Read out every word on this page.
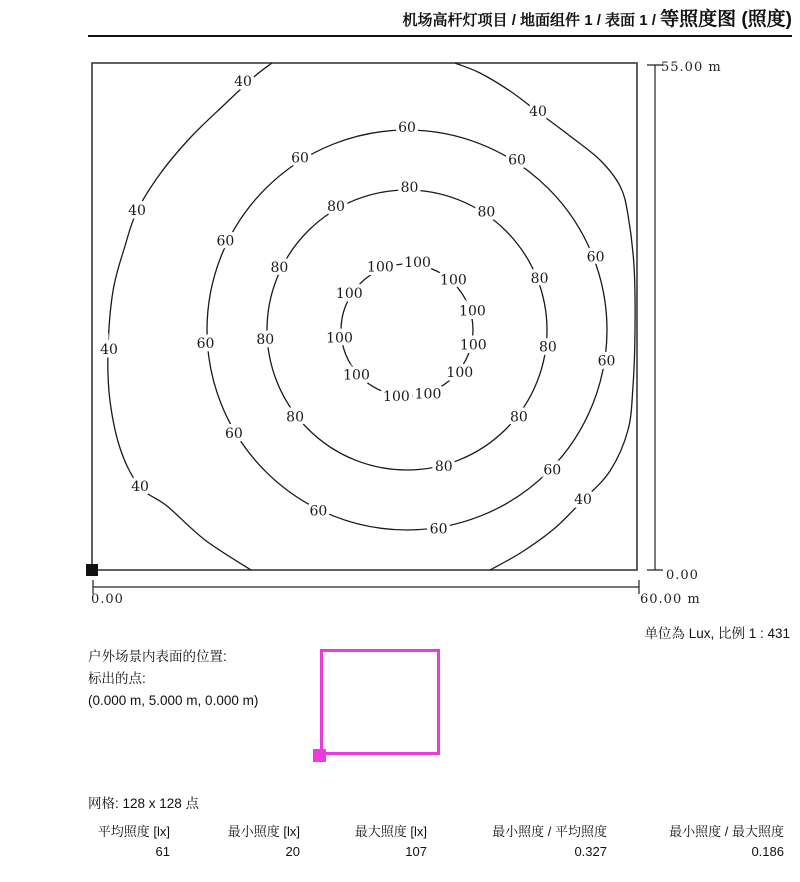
机场高杆灯项目 / 地面组件 1 / 表面 1 / 等照度图 (照度)
100 100
100
100
100
100
100
100
100
100
100
80
80
80
80
80
80
80
80
80
80
60
60
60
60
60
60
60
60
60
60
60
40
40
40
40
40
40
55.00 m
0.00
0.00	60.00 m
单位為 Lux, 比例 1 : 431
户外场景内表面的位置:
标出的点:
(0.000 m, 5.000 m, 0.000 m)
网格: 128 x 128 点
平均照度 [lx]
61
最小照度 [lx]
20
最大照度 [lx]
107
最小照度 / 平均照度
0.327
最小照度 / 最大照度
0.186
